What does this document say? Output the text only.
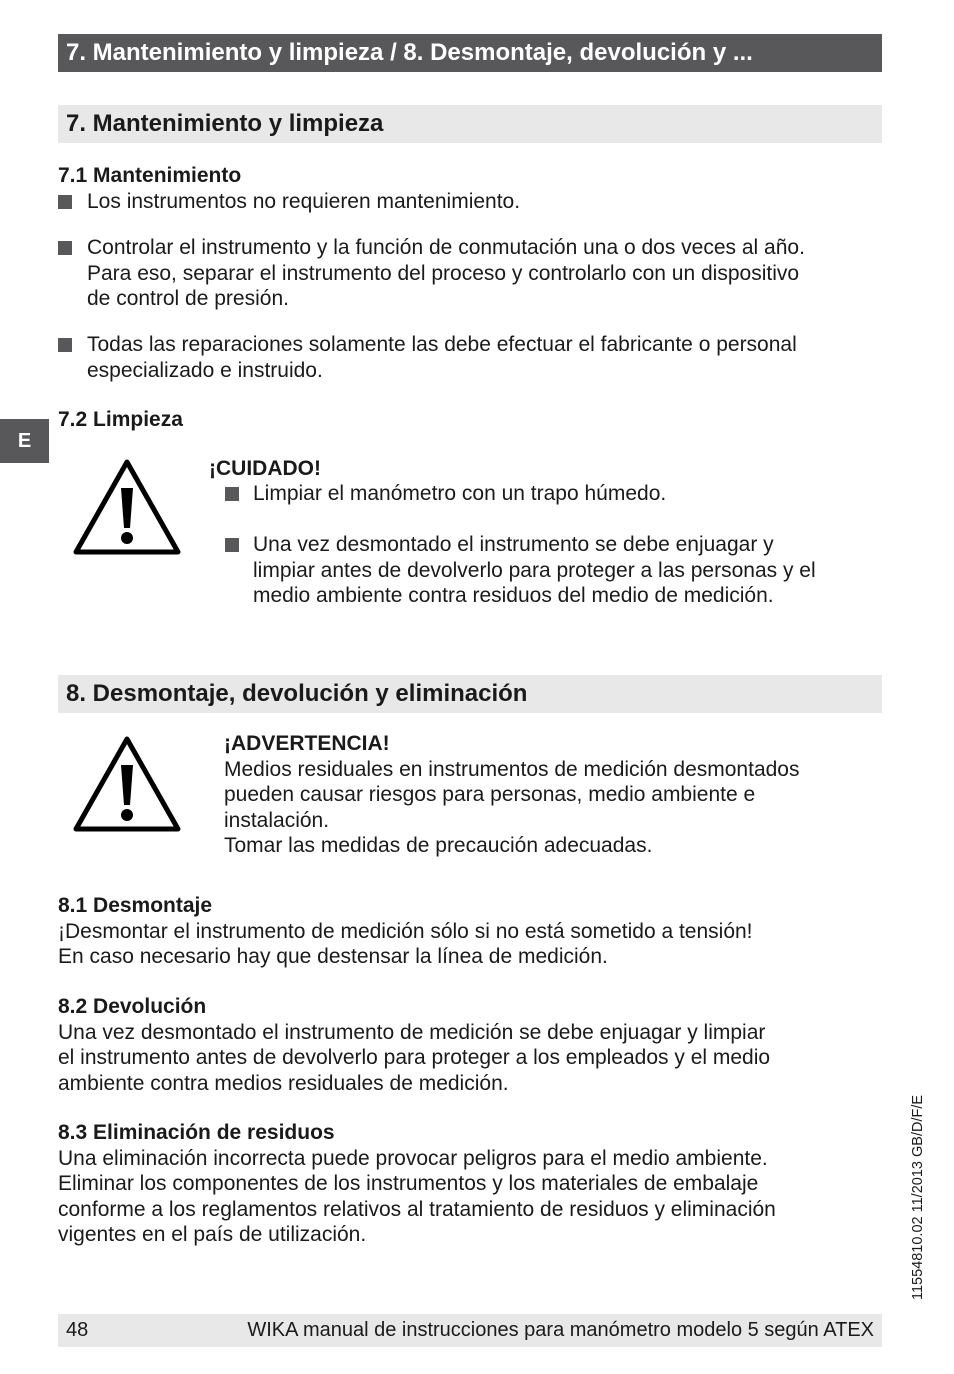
7. Mantenimiento y limpieza / 8. Desmontaje, devolución y ...
7. Mantenimiento y limpieza
7.1 Mantenimiento
Los instrumentos no requieren mantenimiento.
Controlar el instrumento y la función de conmutación una o dos veces al año.
Para eso, separar el instrumento del proceso y controlarlo con un dispositivo
de control de presión.
Todas las reparaciones solamente las debe efectuar el fabricante o personal
especializado e instruido.
E
7.2 Limpieza
¡CUIDADO!
Limpiar el manómetro con un trapo húmedo.
Una vez desmontado el instrumento se debe enjuagar y
limpiar antes de devolverlo para proteger a las personas y el
medio ambiente contra residuos del medio de medición.
8. Desmontaje, devolución y eliminación
¡ADVERTENCIA!
Medios residuales en instrumentos de medición desmontados
pueden causar riesgos para personas, medio ambiente e
instalación.
Tomar las medidas de precaución adecuadas.
8.1 Desmontaje
¡Desmontar el instrumento de medición sólo si no está sometido a tensión!
En caso necesario hay que destensar la línea de medición.
8.2 Devolución
Una vez desmontado el instrumento de medición se debe enjuagar y limpiar
el instrumento antes de devolverlo para proteger a los empleados y el medio
ambiente contra medios residuales de medición.
8.3 Eliminación de residuos
Una eliminación incorrecta puede provocar peligros para el medio ambiente.
Eliminar los componentes de los instrumentos y los materiales de embalaje
conforme a los reglamentos relativos al tratamiento de residuos y eliminación
vigentes en el país de utilización.	11554810.02 11/2013 GB/D/F/E
48	WIKA manual de instrucciones para manómetro modelo 5 según ATEX
